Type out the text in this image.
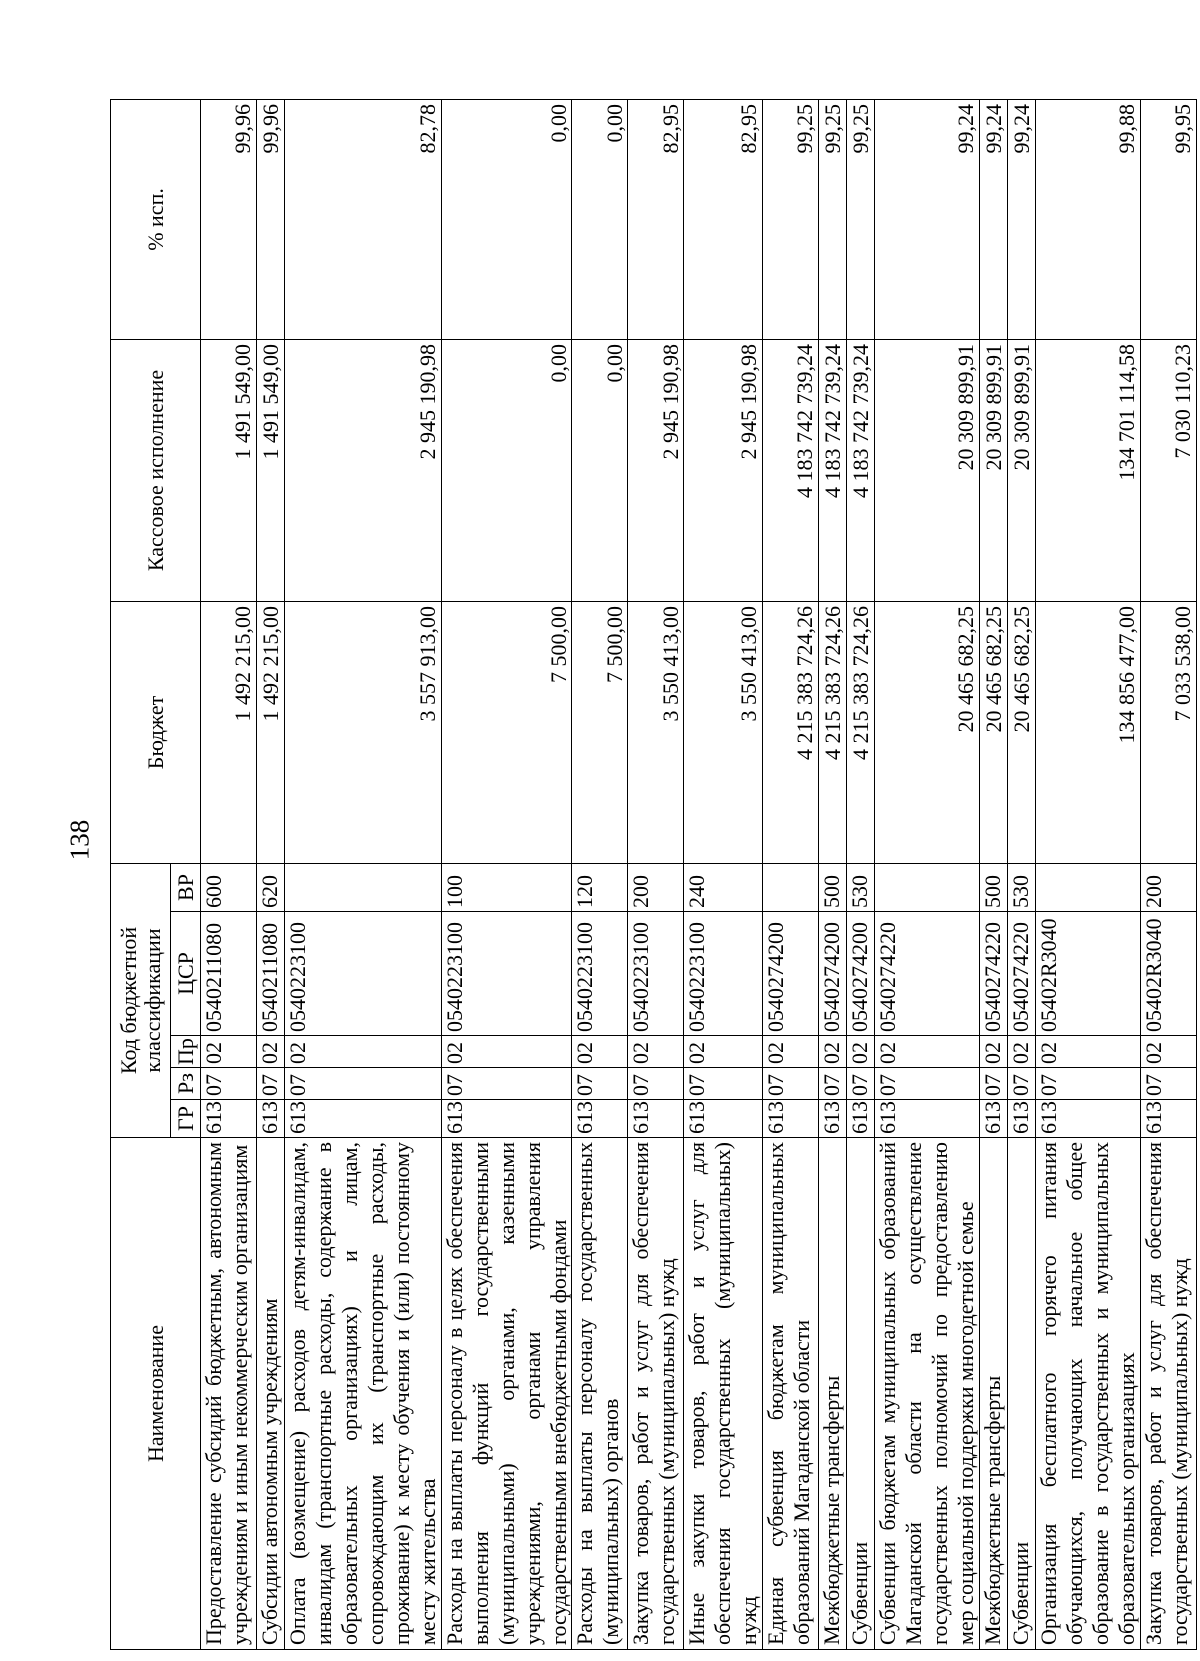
138
Наименование	Код бюджетной классификации					Бюджет	Кассовое исполнение	% исп.
	ГР	Рз	Пр	ЦСР	ВР			
Предоставление субсидий бюджетным, автономным учреждениям и иным некоммерческим организациям	613	07	02	0540211080	600	1 492 215,00	1 491 549,00	99,96
Субсидии автономным учреждениям	613	07	02	0540211080	620	1 492 215,00	1 491 549,00	99,96
Оплата (возмещение) расходов детям-инвалидам, инвалидам (транспортные расходы, содержание в образовательных организациях) и лицам, сопровождающим их (транспортные расходы, проживание) к месту обучения и (или) постоянному месту жительства	613	07	02	0540223100		3 557 913,00	2 945 190,98	82,78
Расходы на выплаты персоналу в целях обеспечения выполнения функций государственными (муниципальными) органами, казенными учреждениями, органами управления государственными внебюджетными фондами	613	07	02	0540223100	100	7 500,00	0,00	0,00
Расходы на выплаты персоналу государственных (муниципальных) органов	613	07	02	0540223100	120	7 500,00	0,00	0,00
Закупка товаров, работ и услуг для обеспечения государственных (муниципальных) нужд	613	07	02	0540223100	200	3 550 413,00	2 945 190,98	82,95
Иные закупки товаров, работ и услуг для обеспечения государственных (муниципальных) нужд	613	07	02	0540223100	240	3 550 413,00	2 945 190,98	82,95
Единая субвенция бюджетам муниципальных образований Магаданской области	613	07	02	0540274200		4 215 383 724,26	4 183 742 739,24	99,25
Межбюджетные трансферты	613	07	02	0540274200	500	4 215 383 724,26	4 183 742 739,24	99,25
Субвенции	613	07	02	0540274200	530	4 215 383 724,26	4 183 742 739,24	99,25
Субвенции бюджетам муниципальных образований Магаданской области на осуществление государственных полномочий по предоставлению мер социальной поддержки многодетной семье	613	07	02	0540274220		20 465 682,25	20 309 899,91	99,24
Межбюджетные трансферты	613	07	02	0540274220	500	20 465 682,25	20 309 899,91	99,24
Субвенции	613	07	02	0540274220	530	20 465 682,25	20 309 899,91	99,24
Организация бесплатного горячего питания обучающихся, получающих начальное общее образование в государственных и муниципальных образовательных организациях	613	07	02	05402R3040		134 856 477,00	134 701 114,58	99,88
Закупка товаров, работ и услуг для обеспечения государственных (муниципальных) нужд	613	07	02	05402R3040	200	7 033 538,00	7 030 110,23	99,95
